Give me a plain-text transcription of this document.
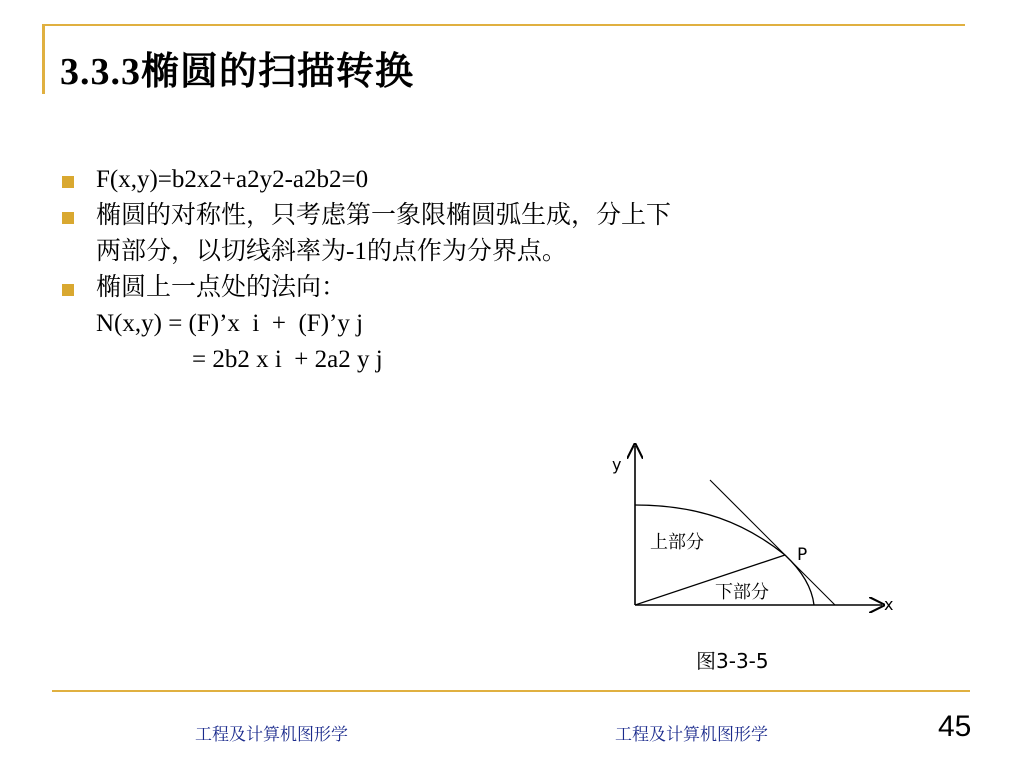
3.3.3椭圆的扫描转换
F(x,y)=b2x2+a2y2-a2b2=0
椭圆的对称性，只考虑第一象限椭圆弧生成，分上下
两部分，以切线斜率为-1的点作为分界点。
椭圆上一点处的法向：
N(x,y) = (F)’x  i  +  (F)’y j
= 2b2 x i  + 2a2 y j
y
x
上部分
下部分
P
图3-3-5
工程及计算机图形学	工程及计算机图形学	45
